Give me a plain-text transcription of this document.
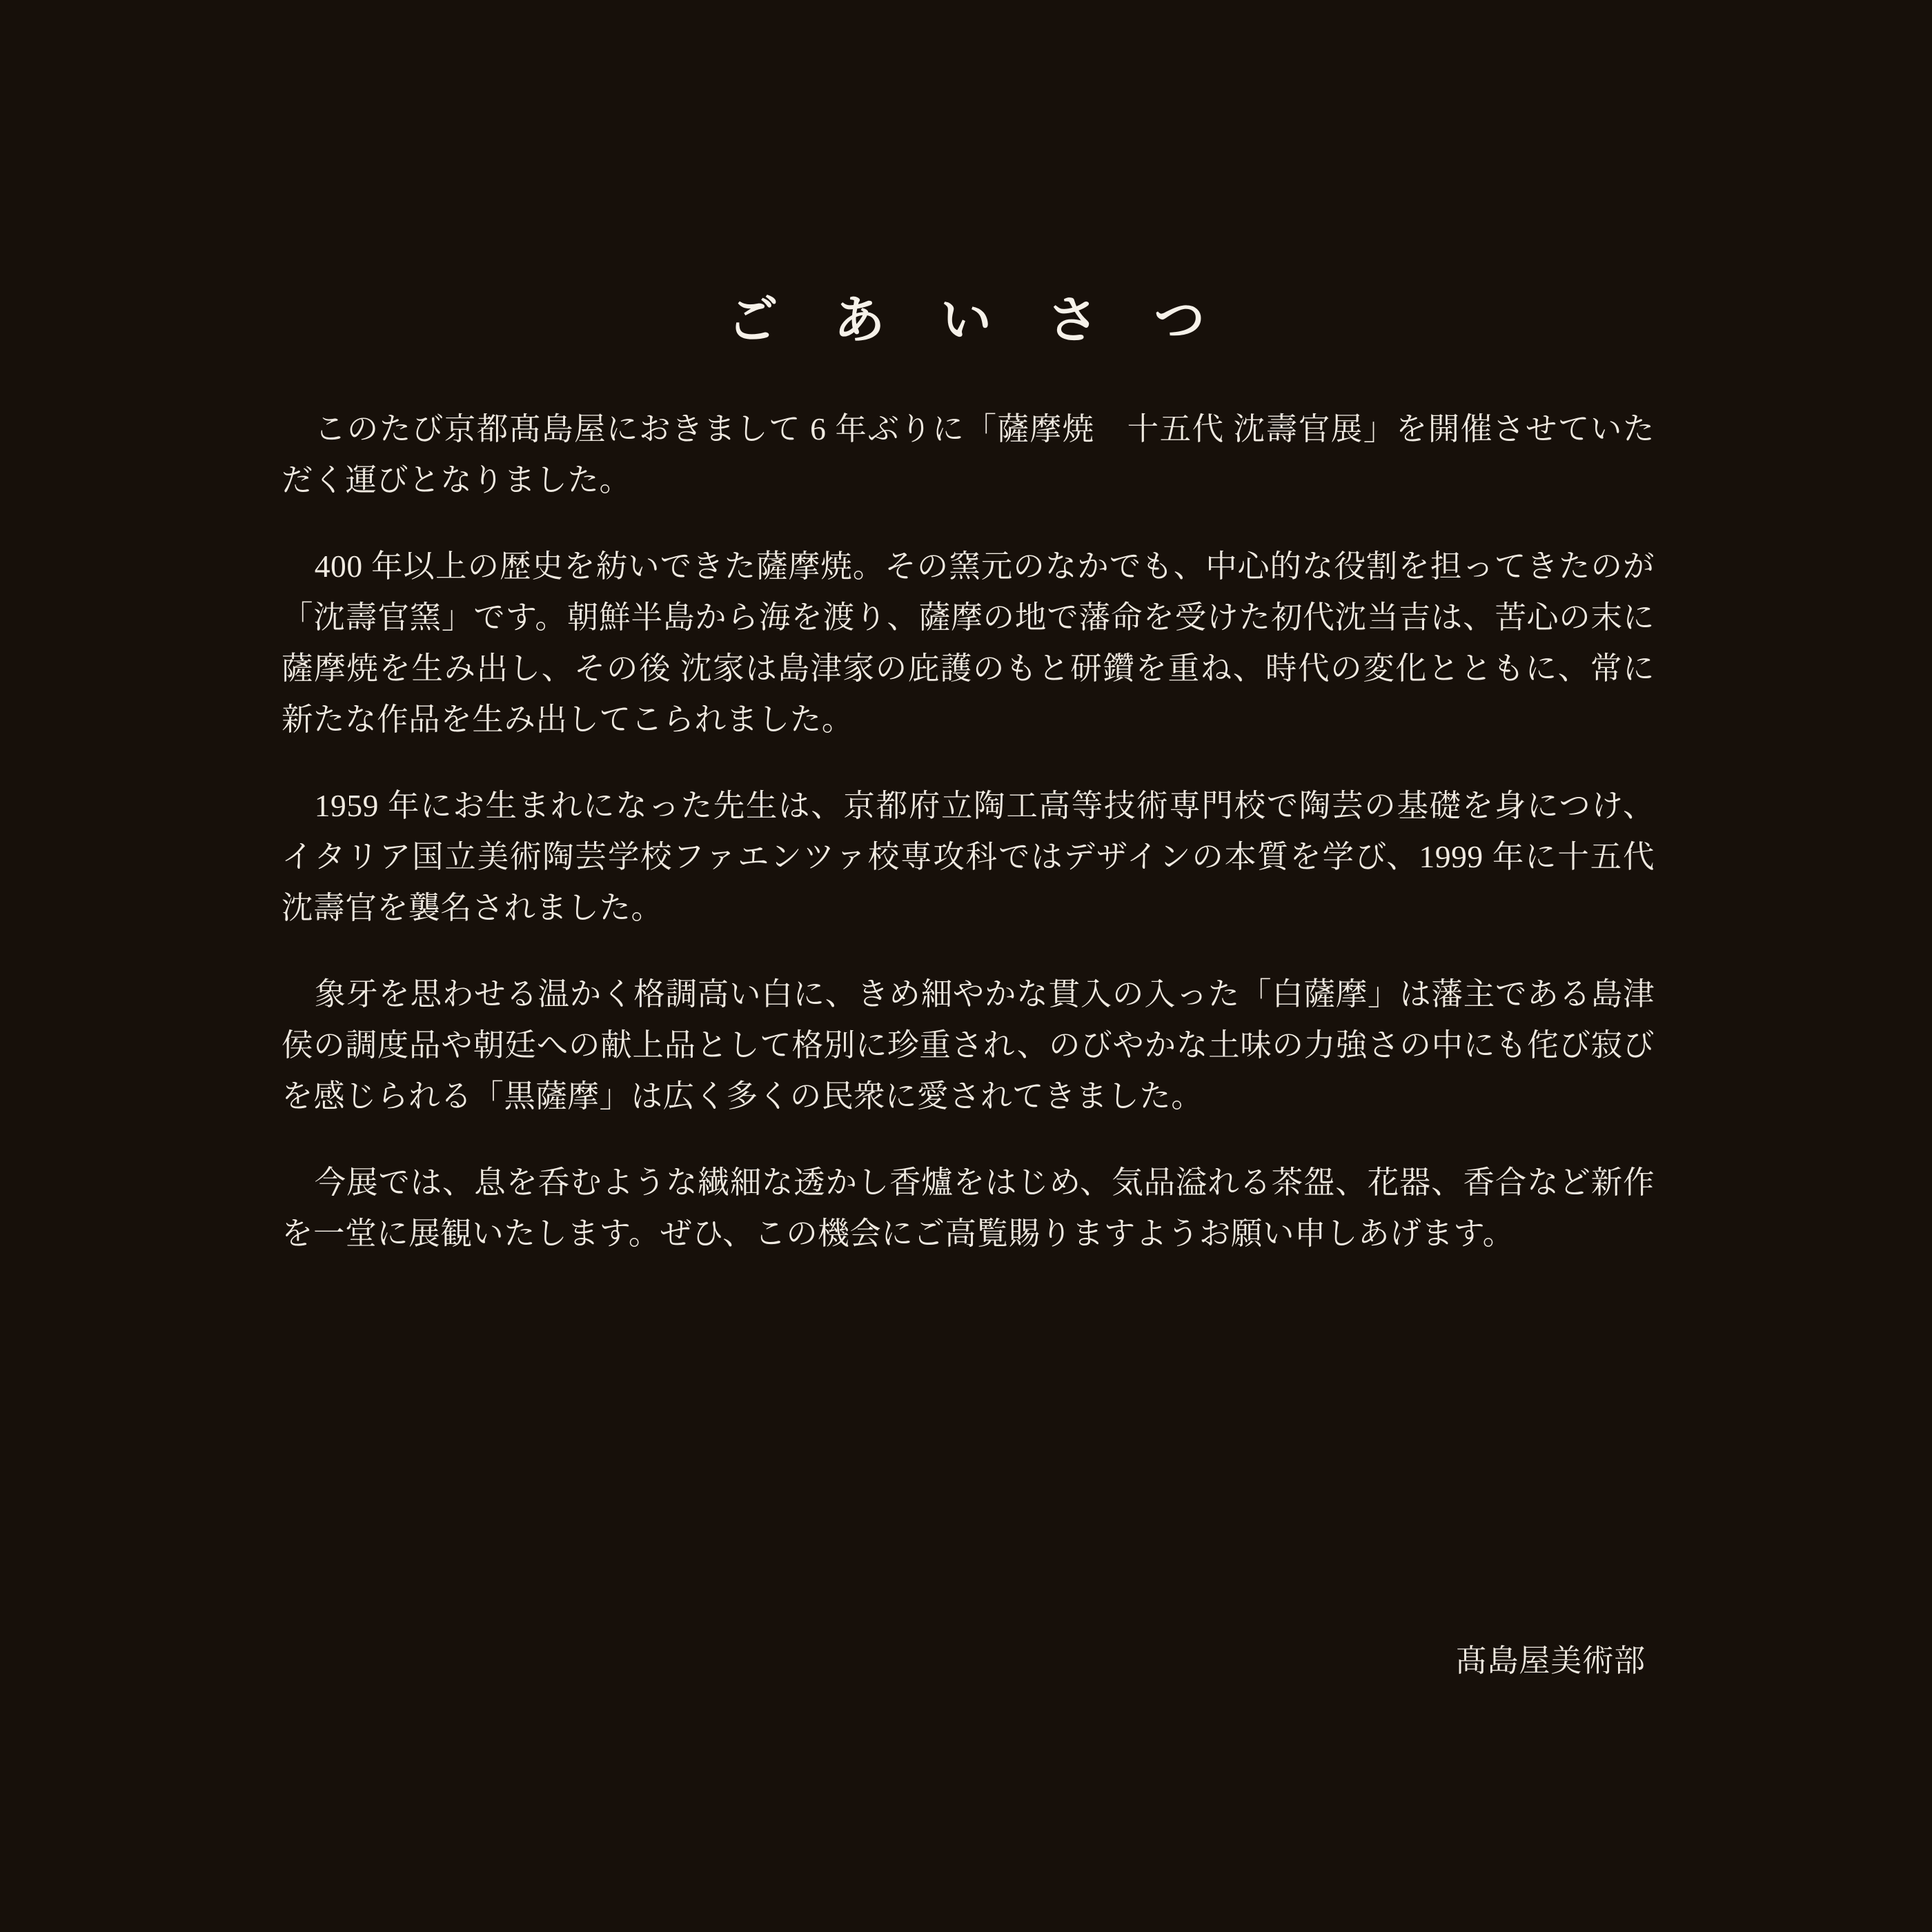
ご あ い さ つ

このたび京都髙島屋におきまして 6 年ぶりに「薩摩焼　十五代 沈壽官展」を開催させていただく運びとなりました。

400 年以上の歴史を紡いできた薩摩焼。その窯元のなかでも、中心的な役割を担ってきたのが「沈壽官窯」です。朝鮮半島から海を渡り、薩摩の地で藩命を受けた初代沈当吉は、苦心の末に薩摩焼を生み出し、その後 沈家は島津家の庇護のもと研鑽を重ね、時代の変化とともに、常に新たな作品を生み出してこられました。

1959 年にお生まれになった先生は、京都府立陶工高等技術専門校で陶芸の基礎を身につけ、イタリア国立美術陶芸学校ファエンツァ校専攻科ではデザインの本質を学び、1999 年に十五代 沈壽官を襲名されました。

象牙を思わせる温かく格調高い白に、きめ細やかな貫入の入った「白薩摩」は藩主である島津侯の調度品や朝廷への献上品として格別に珍重され、のびやかな土味の力強さの中にも侘び寂びを感じられる「黒薩摩」は広く多くの民衆に愛されてきました。

今展では、息を呑むような繊細な透かし香爐をはじめ、気品溢れる茶盌、花器、香合など新作を一堂に展観いたします。ぜひ、この機会にご高覧賜りますようお願い申しあげます。

髙島屋美術部
